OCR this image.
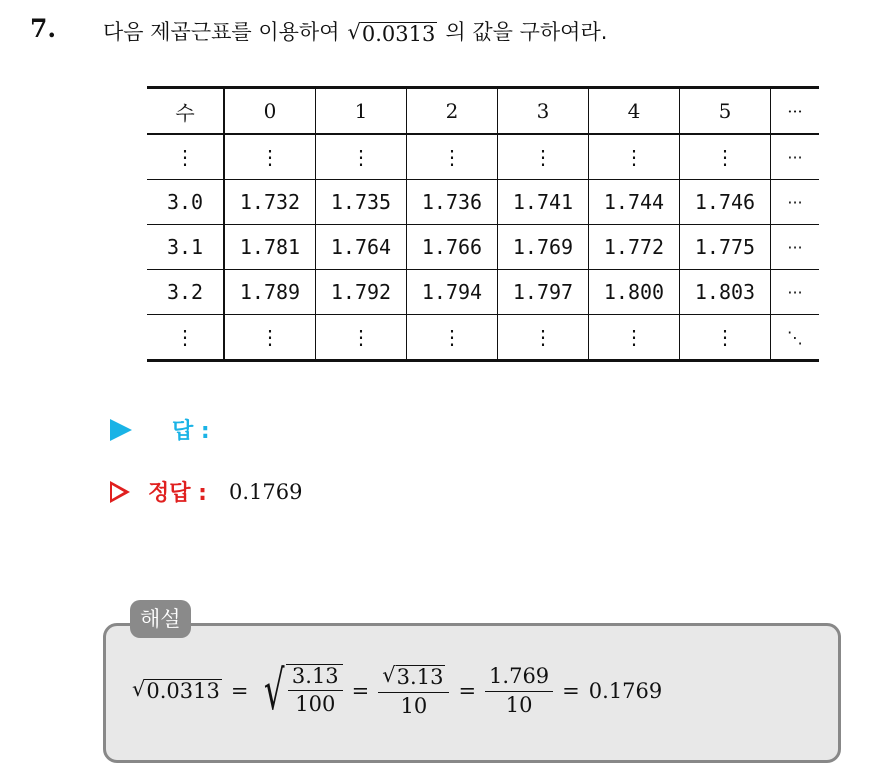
7. 다음 제곱근표를 이용하여 √ 0.0313 의 값을 구하여라.
수	0	1	2	3	4	5	···
⋮	⋮	⋮	⋮	⋮	⋮	⋮	···
3.0	1.732	1.735	1.736	1.741	1.744	1.746	···
3.1	1.781	1.764	1.766	1.769	1.772	1.775	···
3.2	1.789	1.792	1.794	1.797	1.800	1.803	···
⋮	⋮	⋮	⋮	⋮	⋮	⋮	⋱
답 :
정답 : 0.1769
해설
√ 0.0313 = √ $\frac{3.13}{100} = \frac{√ 3.13}{10} = \frac{1.769}{10} = 0.1769$
